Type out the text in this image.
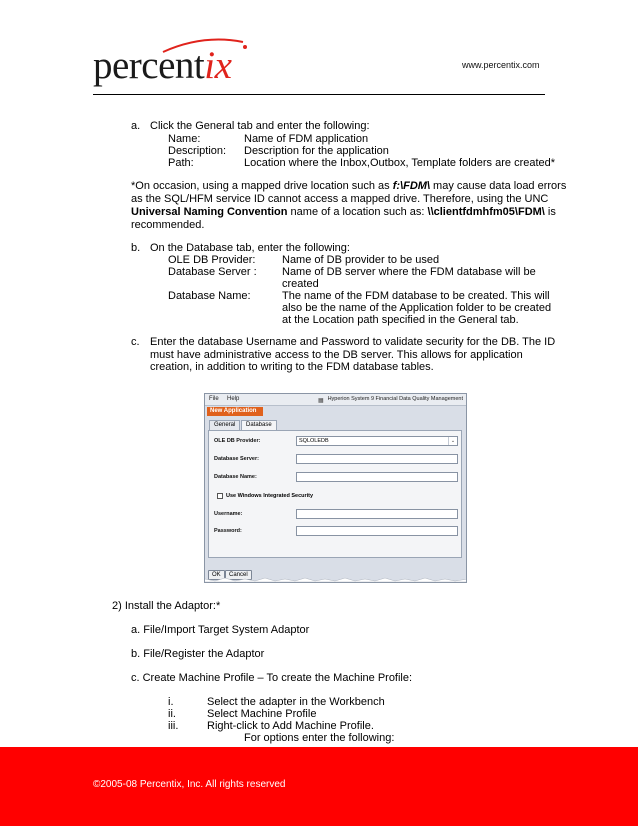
percentix	www.percentix.com
a. Click the General tab and enter the following:
Name:	Name of FDM application
Description: Description for the application
Path:	Location where the Inbox,Outbox, Template folders are created*
*On occasion, using a mapped drive location such as f:\FDM\ may cause data load errors
as the SQL/HFM service ID cannot access a mapped drive. Therefore, using the UNC
Universal Naming Convention name of a location such as: \\clientfdmhfm05\FDM\ is
recommended.
b. On the Database tab, enter the following:
OLE DB Provider: Name of DB provider to be used
Database Server : Name of DB server where the FDM database will be
created
Database Name:	The name of the FDM database to be created. This will
also be the name of the Application folder to be created
at the Location path specified in the General tab.
c. Enter the database Username and Password to validate security for the DB. The ID
must have administrative access to the DB server. This allows for application
creation, in addition to writing to the FDM database tables.
File Help	▦ Hyperion System 9 Financial Data Quality Management
New Application
General	Database
OLE DB Provider:	SQLOLEDB	⌄
Database Server:
Database Name:
Use Windows Integrated Security
Username:
Password:
OK	Cancel
2) Install the Adaptor:*
a. File/Import Target System Adaptor
b. File/Register the Adaptor
c. Create Machine Profile – To create the Machine Profile:
i.	Select the adapter in the Workbench
ii.	Select Machine Profile
iii.	Right-click to Add Machine Profile.
For options enter the following:
©2005-08 Percentix, Inc. All rights reserved
